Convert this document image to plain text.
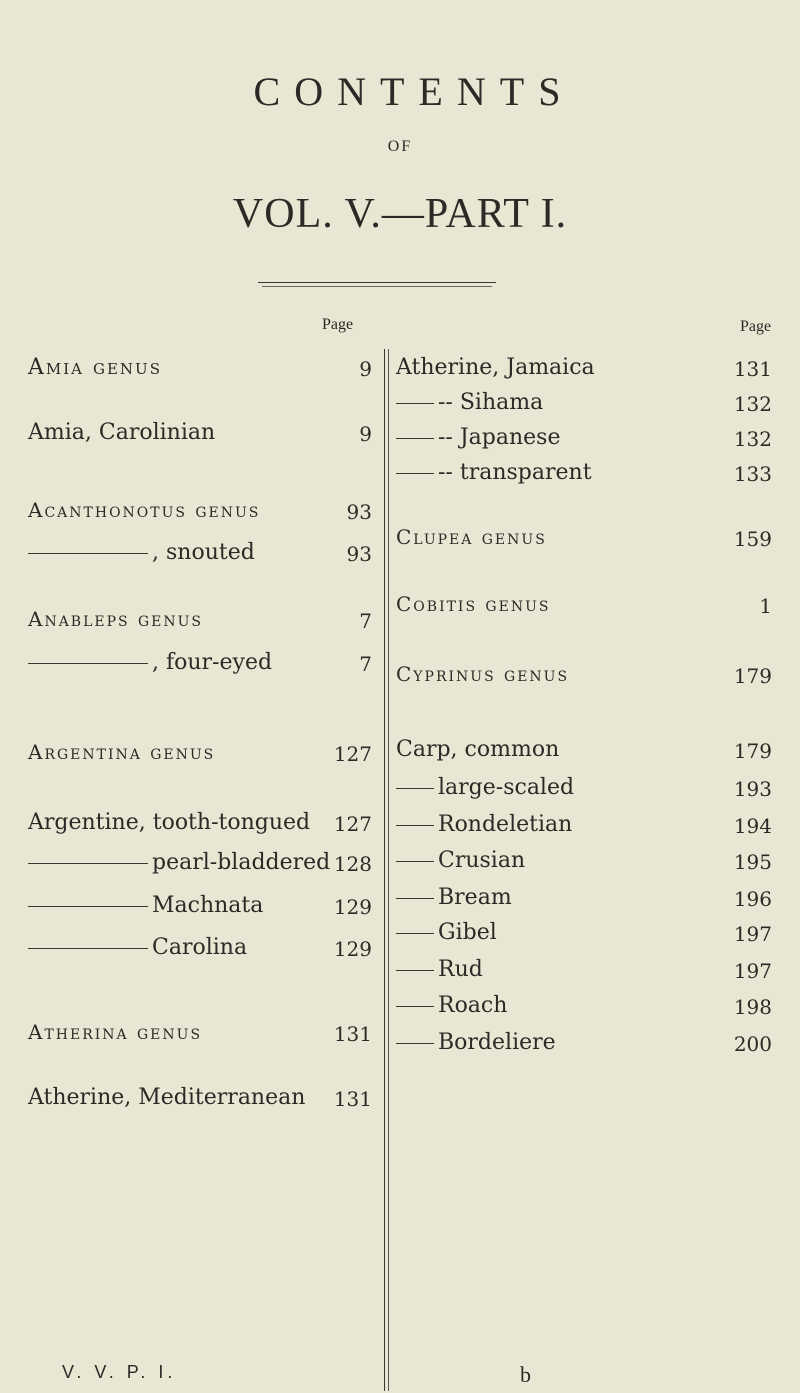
CONTENTS
OF
VOL. V.—PART I.
Page	Page
Amia genus	9
Amia, Carolinian	9
Acanthonotus genus	93
, snouted	93
Anableps genus	7
, four-eyed	7
Argentina genus	127
Argentine, tooth-tongued 127
pearl-bladdered 128
Machnata	129
Carolina	129
Atherina genus	131
Atherine, Mediterranean 131
Atherine, Jamaica	131
-- Sihama	132
-- Japanese	132
-- transparent	133
Clupea genus	159
Cobitis genus	1
Cyprinus genus	179
Carp, common	179
large-scaled	193
Rondeletian	194
Crusian	195
Bream	196
Gibel	197
Rud	197
Roach	198
Bordeliere	200
V. V. P. I.	b
